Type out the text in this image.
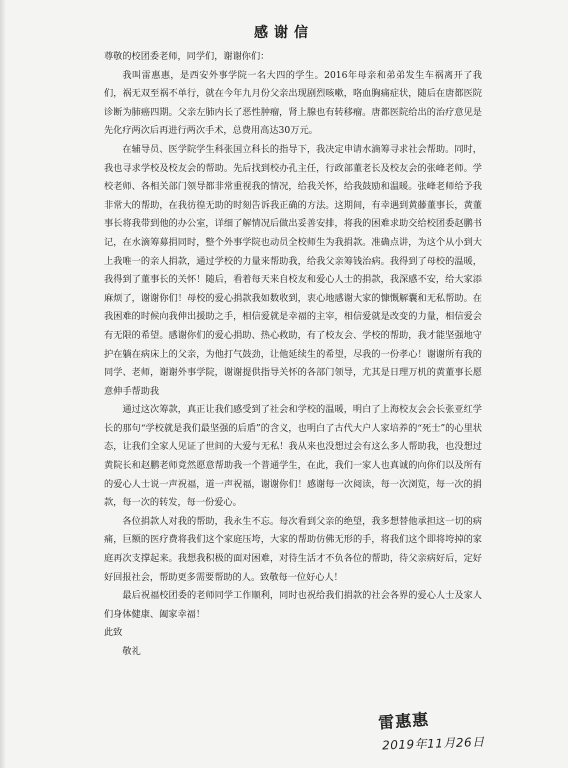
感谢信

尊敬的校团委老师，同学们，谢谢你们：

我叫雷惠惠，是西安外事学院一名大四的学生。2016年母亲和弟弟发生车祸离开了我们，祸无双至祸不单行，就在今年九月份父亲出现剧烈咳嗽，咯血胸痛症状，随后在唐都医院诊断为肺癌四期。父亲左肺内长了恶性肿瘤，肾上腺也有转移瘤。唐都医院给出的治疗意见是先化疗两次后再进行两次手术，总费用高达30万元。

在辅导员、医学院学生科张国立科长的指导下，我决定申请水滴筹寻求社会帮助。同时，我也寻求学校及校友会的帮助。先后找到校办孔主任，行政部董老长及校友会的张峰老师。学校老师、各相关部门领导都非常重视我的情况，给我关怀，给我鼓励和温暖。张峰老师给予我非常大的帮助，在我彷徨无助的时刻告诉我正确的方法。这期间，有幸遇到黄藤董事长，黄董事长将我带到他的办公室，详细了解情况后做出妥善安排，将我的困难求助交给校团委赵鹏书记，在水滴筹募捐同时，整个外事学院也动员全校师生为我捐款。准确点讲，为这个从小到大上我唯一的亲人捐款，通过学校的力量来帮助我，给我父亲筹钱治病。我得到了母校的温暖，我得到了董事长的关怀！随后，看着每天来自校友和爱心人士的捐款，我深感不安，给大家添麻烦了，谢谢你们！母校的爱心捐款我如数收到，衷心地感谢大家的慷慨解囊和无私帮助。在我困难的时候向我伸出援助之手，相信爱就是幸福的主宰，相信爱就是改变的力量，相信爱会有无限的希望。感谢你们的爱心捐助、热心救助，有了校友会、学校的帮助，我才能坚强地守护在躺在病床上的父亲，为他打气鼓劲，让他延续生的希望，尽我的一份孝心！谢谢所有我的同学、老师，谢谢外事学院，谢谢提供指导关怀的各部门领导，尤其是日理万机的黄董事长愿意伸手帮助我

通过这次筹款，真正让我们感受到了社会和学校的温暖，明白了上海校友会会长张亚红学长的那句“学校就是我们最坚强的后盾”的含义，也明白了古代大户人家培养的“死士”的心里状态，让我们全家人见证了世间的大爱与无私！我从来也没想过会有这么多人帮助我，也没想过黄院长和赵鹏老师竟然愿意帮助我一个普通学生，在此，我们一家人也真诚的向你们以及所有的爱心人士说一声祝福，道一声祝福，谢谢你们！感谢每一次阅读，每一次浏览，每一次的捐款，每一次的转发，每一份爱心。

各位捐款人对我的帮助，我永生不忘。每次看到父亲的绝望，我多想替他承担这一切的病痛，巨额的医疗费将我们这个家庭压垮，大家的帮助仿佛无形的手，将我们这个即将垮掉的家庭再次支撑起来。我想我积极的面对困难，对待生活才不负各位的帮助，待父亲病好后，定好好回报社会，帮助更多需要帮助的人。致敬每一位好心人！

最后祝福校团委的老师同学工作顺利，同时也祝给我们捐款的社会各界的爱心人士及家人们身体健康、阖家幸福！

此致

敬礼

雷惠惠
2019年11月26日
